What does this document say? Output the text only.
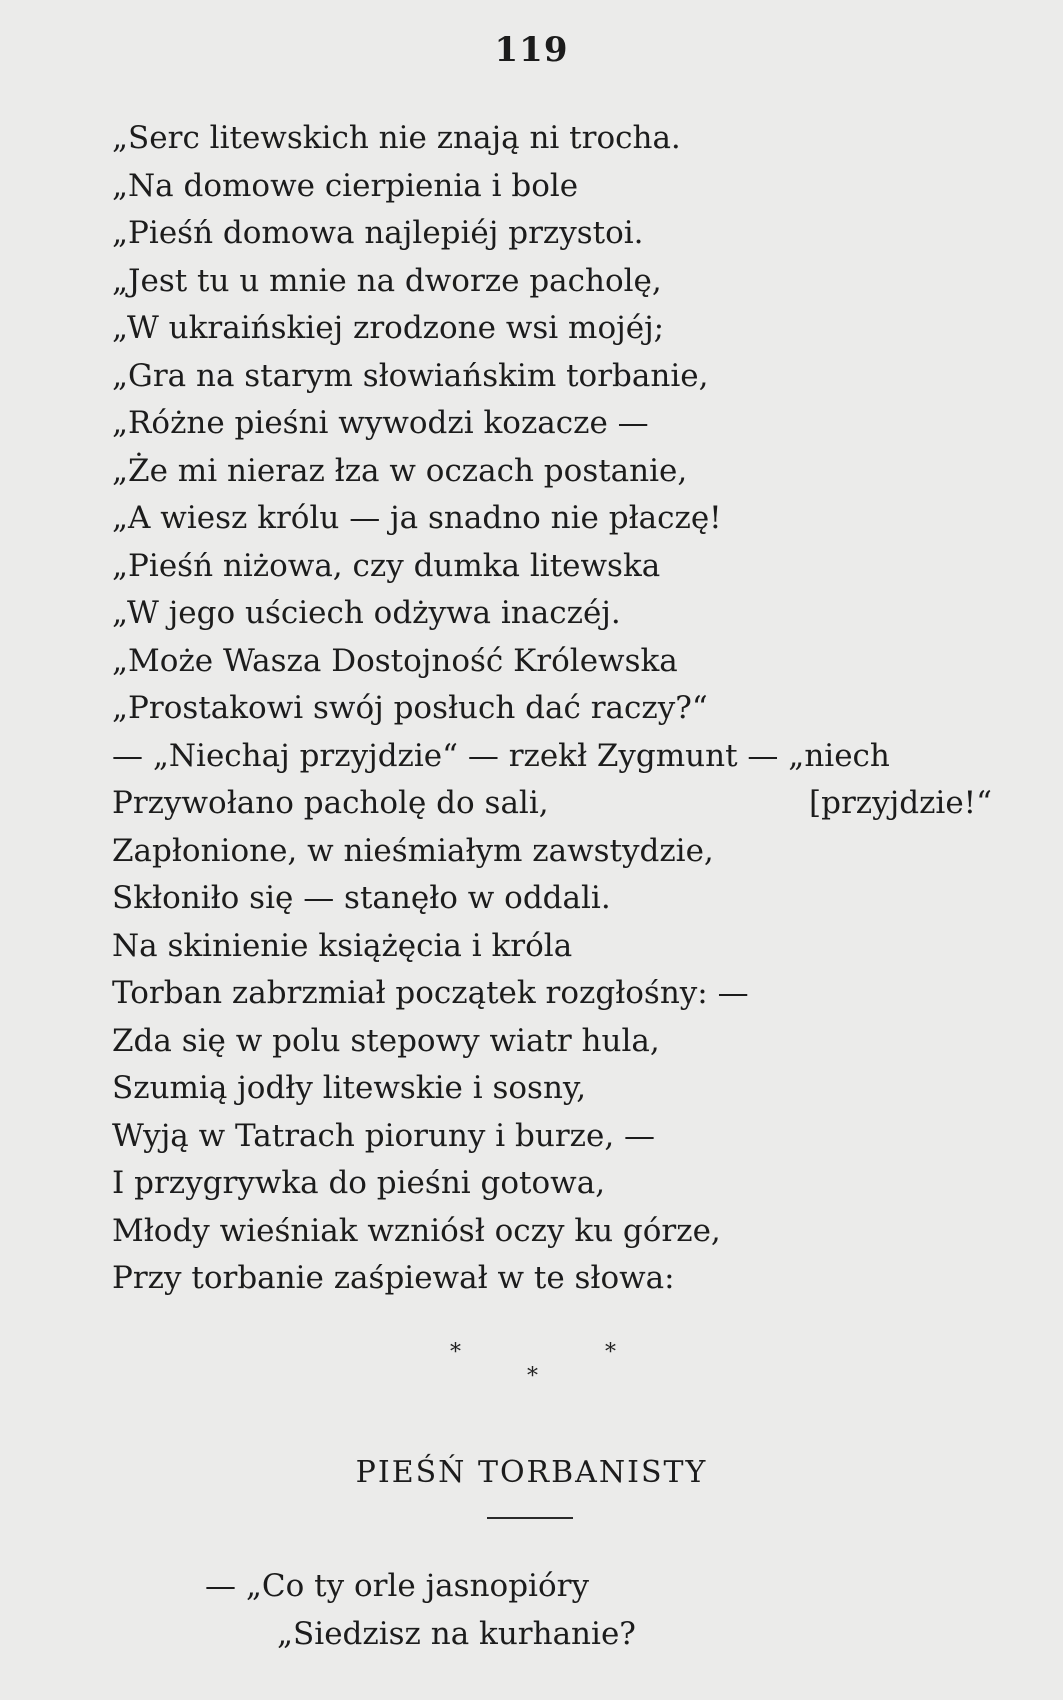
119
„Serc litewskich nie znają ni trocha.
„Na domowe cierpienia i bole
„Pieśń domowa najlepiéj przystoi.
„Jest tu u mnie na dworze pacholę,
„W ukraińskiej zrodzone wsi mojéj;
„Gra na starym słowiańskim torbanie,
„Różne pieśni wywodzi kozacze —
„Że mi nieraz łza w oczach postanie,
„A wiesz królu — ja snadno nie płaczę!
„Pieśń niżowa, czy dumka litewska
„W jego uściech odżywa inaczéj.
„Może Wasza Dostojność Królewska
„Prostakowi swój posłuch dać raczy?“
— „Niechaj przyjdzie“ — rzekł Zygmunt — „niech
Przywołano pacholę do sali,	[przyjdzie!“
Zapłonione, w nieśmiałym zawstydzie,
Skłoniło się — stanęło w oddali.
Na skinienie książęcia i króla
Torban zabrzmiał początek rozgłośny: —
Zda się w polu stepowy wiatr hula,
Szumią jodły litewskie i sosny,
Wyją w Tatrach pioruny i burze, —
I przygrywka do pieśni gotowa,
Młody wieśniak wzniósł oczy ku górze,
Przy torbanie zaśpiewał w te słowa:
*	*
*
PIEŚŃ TORBANISTY
— „Co ty orle jasnopióry
„Siedzisz na kurhanie?
